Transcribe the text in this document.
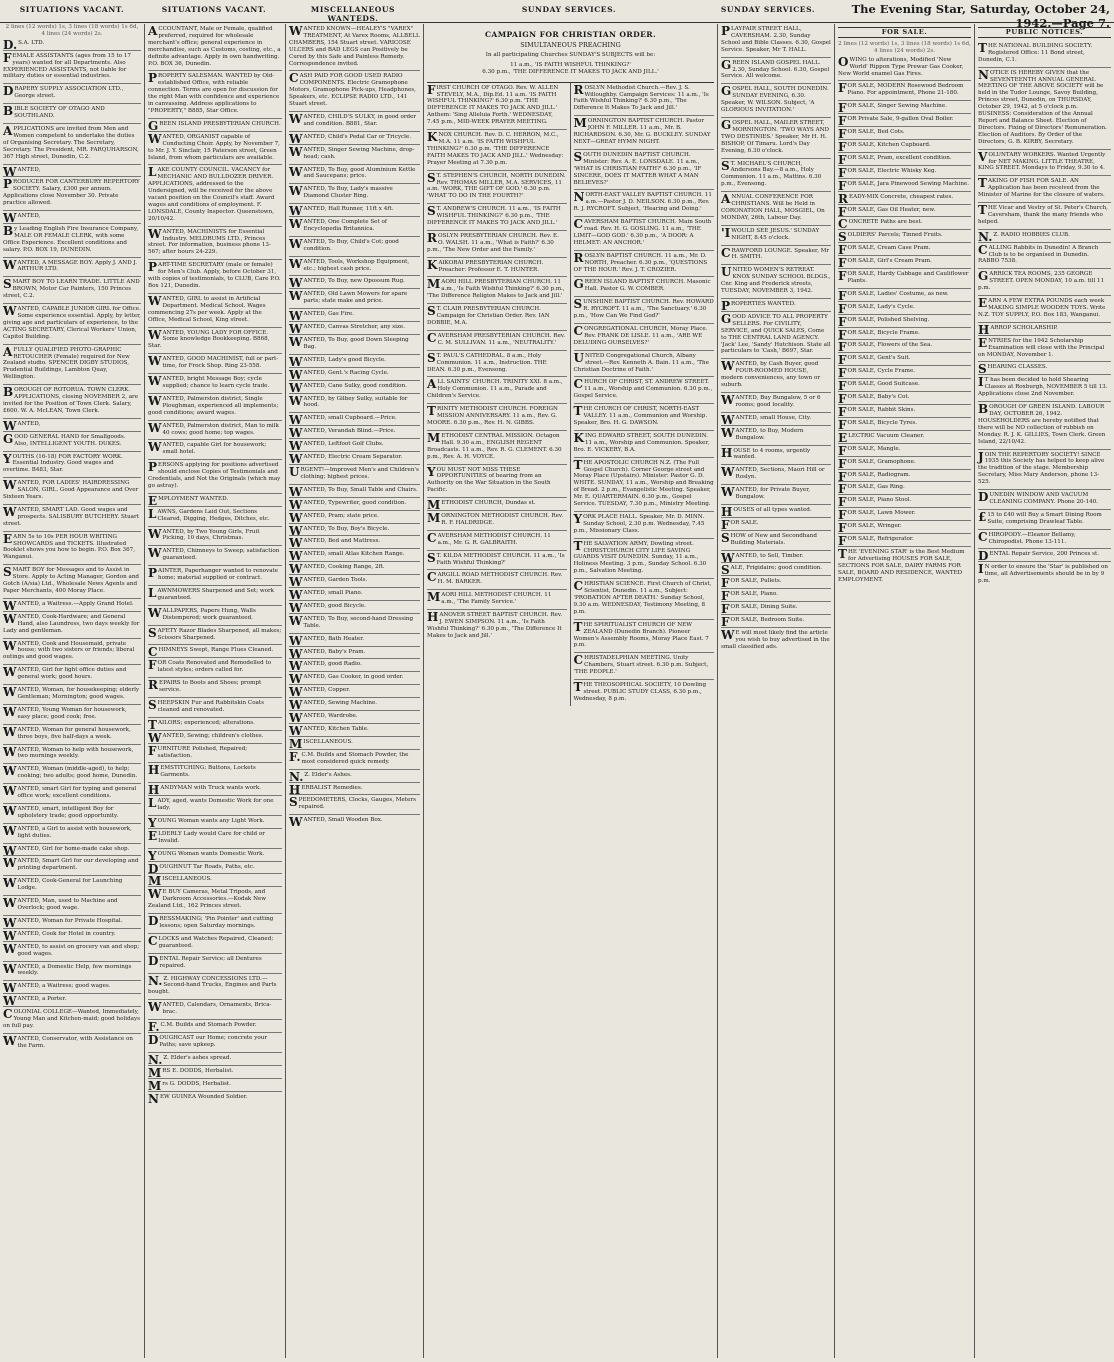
SITUATIONS VACANT.	SITUATIONS VACANT.	MISCELLANEOUS WANTEDS.
SUNDAY SERVICES.	SUNDAY SERVICES.	The Evening Star, Saturday, October 24, 1942.—Page 7.
2 lines (12 words) 1s, 3 lines (18 words) 1s 6d, 4 lines (24 words) 2s.
D.S.A. LTD.
FEMALE ASSISTANTS (ages from 15 to 17 years) wanted for all Departments. Also EXPERIENCED ASSISTANTS, not liable for military duties or essential industries.
DRAPERY SUPPLY ASSOCIATION LTD., George street.
BIBLE SOCIETY OF OTAGO AND SOUTHLAND.
APPLICATIONS are invited from Men and Women competent to undertake the duties of Organising Secretary. The Secretary, Secretary. The President, MR. FARQUHARSON, 367 High street, Dunedin, C.2.
WANTED,
PRODUCER FOR CANTERBURY REPERTORY SOCIETY. Salary, £300 per annum. Applications close November 30. Private practice allowed.
WANTED,
By Leading English Fire Insurance Company, MALE OR FEMALE CLERK, with some Office Experience. Excellent conditions and salary. P.O. BOX 19, DUNEDIN.
WANTED, A MESSAGE BOY. Apply J. AND J. ARTHUR LTD.
SMART BOY TO LEARN TRADE. LITTLE AND BROWN, Motor Car Painters, 150 Princes street, C.2.
WANTED, CAPABLE JUNIOR GIRL for Office. Some experience essential. Apply, by letter, giving age and particulars of experience, to the ACTING SECRETARY, Clerical Workers' Union, Capitol Building.
AFULLY QUALIFIED PHOTO-GRAPHIC RETOUCHER (Female) required for New Zealand studio. SPENCER DIGBY STUDIOS, Prudential Buildings, Lambton Quay, Wellington.
BOROUGH OF ROTORUA. TOWN CLERK. APPLICATIONS, closing NOVEMBER 2, are invited for the Position of Town Clerk. Salary, £600. W. A. McLEAN, Town Clerk.
WANTED,
GOOD GENERAL HAND for Smallgoods. Also, INTELLIGENT YOUTH. DUKES.
YOUTHS (16-18) FOR FACTORY WORK. Essential Industry. Good wages and overtime. B483, Star.
WANTED, FOR LADIES' HAIRDRESSING SALON, GIRL. Good Appearance and Over Sixteen Years.
WANTED, SMART LAD. Good wages and prospects. SALISBURY BUTCHERY. Stuart street.
EARN 5s to 10s PER HOUR WRITING SHOWCARDS and TICKETS. Illustrated Booklet shows you how to begin. P.O. Box 367, Wanganui.
SMART BOY for Messages and to Assist in Store. Apply to Acting Manager, Gordon and Gotch (A/sia) Ltd., Wholesale News Agents and Paper Merchants, 400 Moray Place.
WANTED, a Waitress.—Apply Grand Hotel.
WANTED, Cook-Hardware; and General Hand, also Laundress, two days weekly for Lady and gentleman.
WANTED, Cook and Housemaid, private house; with two sisters or friends; liberal outings and good wages.
WANTED, Girl for light office duties and general work; good hours.
WANTED, Woman, for housekeeping; elderly Gentleman; Mornington; good wages.
WANTED, Young Woman for housework, easy place; good cook; free.
WANTED, Woman for general housework, three boys, five half-days a week.
WANTED, Woman to help with housework, two mornings weekly.
WANTED, Woman (middle-aged), to help; cooking; two adults; good home, Dunedin.
WANTED, smart Girl for typing and general office work; excellent conditions.
WANTED, smart, intelligent Boy for upholstery trade; good opportunity.
WANTED, a Girl to assist with housework, light duties.
WANTED, Girl for home-made cake shop.
WANTED, Smart Girl for our developing and printing department.
WANTED, Cook-General for Launching Lodge.
WANTED, Man, used to Machine and Overlock; good wage.
WANTED, Woman for Private Hospital.
WANTED, Cook for Hotel in country.
WANTED, to assist on grocery van and shop; good wages.
WANTED, a Domestic Help, few mornings weekly.
WANTED, a Waitress; good wages.
WANTED, a Porter.
COLONIAL COLLEGE—Wanted, Immediately, Young Man and Kitchen-maid; good holidays on full pay.
WANTED, Conservator, with Assistance on the Farm.
ACCOUNTANT, Male or Female, qualified preferred, required for wholesale merchant's office; general experience in merchandise, such as Customs, costing, etc., a definite advantage. Apply in own handwriting. P.O. BOX 36, Dunedin.
PROPERTY SALESMAN. WANTED by Old-established Office, with reliable connection. Terms are open for discussion for the right Man with confidence and experience in canvassing. Address applications to "PROPERTY," B885, Star Office.
GREEN ISLAND PRESBYTERIAN CHURCH.
WANTED, ORGANIST capable of Conducting Choir. Apply, by November 7, to Mr. J. Y. Sinclair, 15 Paterson street, Green Island, from whom particulars are available.
LAKE COUNTY COUNCIL. VACANCY for MECHANIC AND BULLDOZER DRIVER. APPLICATIONS, addressed to the Undersigned, will be received for the above vacant position on the Council's staff. Award wages and conditions of employment. F. LONSDALE, County Inspector. Queenstown, 20/10/42.
WANTED, MACHINISTS for Essential Industry. MELDRUMS LTD., Princes street. For information, business phone 13-567; after hours 24-229.
PART-TIME SECRETARY (male or female) for Men's Club. Apply, before October 31, with copies of testimonials, to CLUB, Care P.O. Box 121, Dunedin.
WANTED, GIRL to assist in Artificial Department. Medical School. Wages commencing 27s per week. Apply at the Office, Medical School, King street.
WANTED, YOUNG LADY FOR OFFICE. Some knowledge Bookkeeping. B868, Star.
WANTED, GOOD MACHINIST, full or part-time, for Frock Shop. Ring 23-558.
WANTED, bright Message Boy; cycle supplied; chance to learn cycle trade.
WANTED, Palmerston district, Single Ploughman, experienced all implements; good conditions; award wages.
WANTED, Palmerston district, Man to milk 40 cows; good home; top wages.
WANTED, capable Girl for housework; small hotel.
PERSONS applying for positions advertised should enclose Copies of Testimonials and Credentials, and Not the Originals (which may go astray).
EMPLOYMENT WANTED.
LAWNS, Gardens Laid Out, Sections Cleared, Digging, Hedges, Ditches, etc.
WANTED, by Two Young Girls, Fruit Picking, 10 days, Christmas.
WANTED, Chimneys to Sweep; satisfaction guaranteed.
PAINTER, Paperhanger wanted to renovate home; material supplied or contract.
LAWNMOWERS Sharpened and Set; work guaranteed.
WALLPAPERS, Papers Hung, Walls Distempered; work guaranteed.
SAFETY Razor Blades Sharpened, all makes; Scissors Sharpened.
CHIMNEYS Swept, Range Flues Cleaned.
FOR Coats Renovated and Remodelled to latest styles; orders called for.
REPAIRS to Boots and Shoes; prompt service.
SHEEPSKIN Fur and Rabbitskin Coats cleaned and renovated.
TAILORS; experienced; alterations.
WANTED, Sewing; children's clothes.
FURNITURE Polished, Repaired; satisfaction.
HEMSTITCHING; Buttons, Lockets Garments.
HANDYMAN with Truck wants work.
LADY, aged, wants Domestic Work for one lady.
YOUNG Woman wants any Light Work.
ELDERLY Lady would Care for child or Invalid.
YOUNG Woman wants Domestic Work.
DOUGHNUT Tar Roads, Paths, etc.
MISCELLANEOUS.
WE BUY Cameras, Metal Tripods, and Darkroom Accessories.—Kodak New Zealand Ltd., 162 Princes street.
DRESSMAKING; 'Pin Pointer' and cutting lessons; open Saturday mornings.
CLOCKS and Watches Repaired, Cleaned; guaranteed.
DENTAL Repair Service; all Dentures repaired.
N.Z. HIGHWAY CONCESSIONS LTD.—Second-hand Trucks, Engines and Parts bought.
WANTED, Calendars, Ornaments, Brica-brac.
F.C.M. Builds and Stomach Powder.
DOUGHCAST our Home; concrete your Paths; save upkeep.
N.Z. Elder's ashes spread.
MRS E. DODDS, Herbalist.
Mrs G. DODDS, Herbalist.
NEW GUINEA Wounded Soldier.
WANTED KNOWN—HEALEY'S "VAREX" TREATMENT, At Varex Rooms, ALLBELL CHAMBERS, 154 Stuart street. VARICOSE ULCERS and BAD LEGS can Positively be Cured by this Safe and Painless Remedy. Correspondence invited.
CASH PAID FOR GOOD USED RADIO COMPONENTS. Electric Gramophone Motors, Gramophone Pick-ups, Headphones, Speakers, etc. ECLIPSE RADIO LTD., 141 Stuart street.
WANTED, CHILD'S SULKY, in good order and condition. B881, Star.
WANTED, Child's Pedal Car or Tricycle.
WANTED, Singer Sewing Machine, drop-head; cash.
WANTED, To Buy, good Aluminium Kettle and Saucepans; price.
WANTED, To Buy, Lady's massive Diamond Cluster Ring.
WANTED, Hall Runner, 11ft x 4ft.
WANTED, One Complete Set of Encyclopedia Britannica.
WANTED, To Buy, Child's Cot; good condition.
WANTED, Tools, Workshop Equipment, etc.; highest cash price.
WANTED, To Buy, new Opossum Rug.
WANTED, Old Lawn Mowers for spare parts; state make and price.
WANTED, Gas Fire.
WANTED, Canvas Stretcher, any size.
WANTED, To Buy, good Down Sleeping Bag.
WANTED, Lady's good Bicycle.
WANTED, Gent.'s Racing Cycle.
WANTED, Cane Sulky, good condition.
WANTED, by Gilbey Sulky, suitable for hood.
WANTED, small Cupboard.—Price.
WANTED, Verandah Blind.—Price.
WANTED, Leftfoot Golf Clubs.
WANTED, Electric Cream Separator.
URGENT!—Improved Men's and Children's clothing; highest prices.
WANTED, To Buy, Small Table and Chairs.
WANTED, Typewriter, good condition.
WANTED, Pram; state price.
WANTED, To Buy, Boy's Bicycle.
WANTED, Bed and Mattress.
WANTED, small Atlas Kitchen Range.
WANTED, Cooking Range, 2ft.
WANTED, Garden Tools.
WANTED, small Piano.
WANTED, good Bicycle.
WANTED, To Buy, second-hand Dressing Table.
WANTED, Bath Heater.
WANTED, Baby's Pram.
WANTED, good Radio.
WANTED, Gas Cooker, in good order.
WANTED, Copper.
WANTED, Sewing Machine.
WANTED, Wardrobe.
WANTED, Kitchen Table.
MISCELLANEOUS.
F.C.M. Builds and Stomach Powder, the most considered quick remedy.
N.Z. Elder's Ashes.
HERBALIST Remedies.
SPEEDOMETERS, Clocks, Gauges, Meters repaired.
WANTED, Small Wooden Box.
CAMPAIGN FOR CHRISTIAN ORDER.
SIMULTANEOUS PREACHING
In all participating Churches SUNDAY'S SUBJECTS will be:
11 a.m., 'IS FAITH WISHFUL THINKING?'
6.30 p.m., 'THE DIFFERENCE IT MAKES TO JACK AND JILL.'
FIRST CHURCH OF OTAGO. Rev. W. ALLEN STEVELY, M.A., Dip.Ed. 11 a.m. 'IS FAITH WISHFUL THINKING?' 6.30 p.m. 'THE DIFFERENCE IT MAKES TO JACK AND JILL.' Anthem: 'Sing Alleluia Forth.' WEDNESDAY, 7.45 p.m., MID-WEEK PRAYER MEETING.
KNOX CHURCH. Rev. D. C. HERRON, M.C., M.A. 11 a.m. 'IS FAITH WISHFUL THINKING?' 6.30 p.m. 'THE DIFFERENCE FAITH MAKES TO JACK AND JILL.' Wednesday: Prayer Meeting at 7.30 p.m.
ST. STEPHEN'S CHURCH, NORTH DUNEDIN. Rev. THOMAS MILLER, M.A. SERVICES, 11 a.m. 'WORK, THE GIFT OF GOD.' 6.30 p.m. 'WHAT TO DO IN THE FOURTH?'
ST. ANDREW'S CHURCH. 11 a.m., 'IS FAITH WISHFUL THINKING?' 6.30 p.m., 'THE DIFFERENCE IT MAKES TO JACK AND JILL.'
ROSLYN PRESBYTERIAN CHURCH. Rev. E. O. WALSH. 11 a.m., 'What is Faith?' 6.30 p.m., 'The New Order and the Family.'
KAIKORAI PRESBYTERIAN CHURCH. Preacher: Professor E. T. HUNTER.
MAORI HILL PRESBYTERIAN CHURCH. 11 a.m., 'Is Faith Wishful Thinking?' 6.30 p.m., 'The Difference Religion Makes to Jack and Jill.'
ST. CLAIR PRESBYTERIAN CHURCH. Campaign for Christian Order. Rev. IAN DOBBIE, M.A.
CAVERSHAM PRESBYTERIAN CHURCH. Rev. C. M. SULLIVAN. 11 a.m., 'NEUTRALITY.'
ST. PAUL'S CATHEDRAL. 8 a.m., Holy Communion. 11 a.m., Instruction. THE DEAN. 6.30 p.m., Evensong.
ALL SAINTS' CHURCH. TRINITY XXI. 8 a.m., Holy Communion. 11 a.m., Parade and Children's Service.
TRINITY METHODIST CHURCH. FOREIGN MISSION ANNIVERSARY. 11 a.m., Rev. G. MOORE. 6.30 p.m., Rev. H. N. GIBBS.
METHODIST CENTRAL MISSION. Octagon Hall. 9.30 a.m., ENGLISH REGENT Broadcasts. 11 a.m., Rev. R. G. CLEMENT. 6.30 p.m., Rev. A. H. VOYCE.
YOU MUST NOT MISS THESE OPPORTUNITIES of hearing from an Authority on the War Situation in the South Pacific.
METHODIST CHURCH, Dundas st.
MORNINGTON METHODIST CHURCH. Rev. R. F. HALDRIDGE.
CAVERSHAM METHODIST CHURCH. 11 a.m., Mr. G. R. GALBRAITH.
ST. KILDA METHODIST CHURCH. 11 a.m., 'Is Faith Wishful Thinking?'
CARGILL ROAD METHODIST CHURCH. Rev. H. M. BARKER.
MAORI HILL METHODIST CHURCH. 11 a.m., 'The Family Service.'
HANOVER STREET BAPTIST CHURCH. Rev. J. EWEN SIMPSON. 11 a.m., 'Is Faith Wishful Thinking?' 6.30 p.m., 'The Difference It Makes to Jack and Jill.'
ROSLYN Methodist Church.—Rev. J. S. Willoughby. Campaign Services: 11 a.m., 'Is Faith Wishful Thinking?' 6.30 p.m., 'The Difference It Makes To Jack and Jill.'
MORNINGTON BAPTIST CHURCH. Pastor JOHN F. MILLER. 11 a.m., Mr. B. RICHARDSON. 6.30, Mr. G. BUCKLEY. SUNDAY NEXT—GREAT HYMN NIGHT.
SOUTH DUNEDIN BAPTIST CHURCH. Minister: Rev. A. E. LONSDALE. 11 a.m., 'WHAT IS CHRISTIAN FAITH?' 6.30 p.m., 'IF SINCERE, DOES IT MATTER WHAT A MAN BELIEVES?'
NORTH-EAST VALLEY BAPTIST CHURCH. 11 a.m.—Pastor J. D. NEILSON. 6.30 p.m., Rev. R. J. RYCROFT. Subject, 'Hearing and Doing.'
CAVERSHAM BAPTIST CHURCH. Main South road. Rev. H. G. GOSLING. 11 a.m., 'THE LIMIT—GOD GOD.' 6.30 p.m., 'A DOOR: A HELMET: AN ANCHOR.'
ROSLYN BAPTIST CHURCH. 11 a.m., Mr. D. NORTH, Preacher. 6.30 p.m., 'QUESTIONS OF THE HOUR.' Rev. J. T. CROZIER.
GREEN ISLAND BAPTIST CHURCH. Masonic Hall. Pastor G. W. COMBER.
SUNSHINE BAPTIST CHURCH. Rev. HOWARD R. RYCROFT. 11 a.m., 'The Sanctuary.' 6.30 p.m., 'How Can We Find God?'
CONGREGATIONAL CHURCH, Moray Place. Rev. FRANK DE LISLE. 11 a.m., 'ARE WE DELUDING OURSELVES?'
UNITED Congregational Church, Albany street.—Rev. Kenneth A. Bain. 11 a.m., 'The Christian Doctrine of Faith.'
CHURCH OF CHRIST, ST. ANDREW STREET. 11 a.m., Worship and Communion. 6.30 p.m., Gospel Service.
THE CHURCH OF CHRIST, NORTH-EAST VALLEY. 11 a.m., Communion and Worship. Speaker, Bro. H. G. DAWSON.
KING EDWARD STREET, SOUTH DUNEDIN. 11 a.m., Worship and Communion. Speaker, Bro. E. VICKERY, B.A.
THE APOSTOLIC CHURCH N.Z. (The Full Gospel Church). Corner George street and Moray Place (Upstairs). Minister: Pastor G. D. WHITE. SUNDAY, 11 a.m., Worship and Breaking of Bread. 2 p.m., Evangelistic Meeting. Speaker, Mr. E. QUARTERMAIN. 6.30 p.m., Gospel Service. TUESDAY, 7.30 p.m., Ministry Meeting.
YORK PLACE HALL. Speaker, Mr. D. MINN. Sunday School, 2.30 p.m. Wednesday, 7.45 p.m., Missionary Class.
THE SALVATION ARMY, Dowling street. CHRISTCHURCH CITY LIFE SAVING GUARDS VISIT DUNEDIN. Sunday, 11 a.m., Holiness Meeting. 3 p.m., Sunday School. 6.30 p.m., Salvation Meeting.
CHRISTIAN SCIENCE. First Church of Christ, Scientist, Dunedin. 11 a.m., Subject: 'PROBATION AFTER DEATH.' Sunday School, 9.30 a.m. WEDNESDAY, Testimony Meeting, 8 p.m.
THE SPIRITUALIST CHURCH OF NEW ZEALAND (Dunedin Branch). Pioneer Women's Assembly Rooms, Moray Place East. 7 p.m.
CHRISTADELPHIAN MEETING. Unity Chambers, Stuart street. 6.30 p.m. Subject, 'THE PEOPLE.'
THE THEOSOPHICAL SOCIETY, 10 Dowling street. PUBLIC STUDY CLASS, 6.30 p.m., Wednesday, 8 p.m.
PLAYFAIR STREET HALL, CAVERSHAM. 2.30, Sunday School and Bible Classes. 6.30, Gospel Service. Speaker, Mr T. HALL.
GREEN ISLAND GOSPEL HALL. 2.30, Sunday School. 6.30, Gospel Service. All welcome.
GOSPEL HALL, SOUTH DUNEDIN. SUNDAY EVENING, 6.30. Speaker, W. WILSON. Subject, 'A GLORIOUS INVITATION.'
GOSPEL HALL, MAILER STREET, MORNINGTON. 'TWO WAYS AND TWO DESTINIES.' Speaker, Mr H. H. BISHOP, Of Timaru. Lord's Day Evening, 6.30 o'clock.
ST. MICHAEL'S CHURCH, Andersons Bay.—8 a.m., Holy Communion. 11 a.m., Mattins. 6.30 p.m., Evensong.
ANNUAL CONFERENCE FOR CHRISTIANS. Will be Held in CORONATION HALL, MOSGIEL, On MONDAY, 26th, Labour Day.
'IWOULD SEE JESUS.' SUNDAY NIGHT, 8.45 o'clock.
CRAWFORD LOUNGE. Speaker, Mr H. SMITH.
UNITED WOMEN'S RETREAT. KNOX SUNDAY SCHOOL BLDGS., Cnr. King and Frederick streets, TUESDAY, NOVEMBER 3, 1942.
PROPERTIES WANTED.
GOOD ADVICE TO ALL PROPERTY SELLERS. For CIVILITY, SERVICE, and QUICK SALES, Come to THE CENTRAL LAND AGENCY. 'Jack' Lee, 'Sandy' Hutchison. State all particulars to 'Cash,' B697, Star.
WANTED, by Cash Buyer, good FOUR-ROOMED HOUSE, modern conveniences, any town or suburb.
WANTED, Buy Bungalow, 5 or 6 rooms; good locality.
WANTED, small House, City.
WANTED, to Buy, Modern Bungalow.
HOUSE to 4 rooms, urgently wanted.
WANTED, Sections, Maori Hill or Roslyn.
WANTED, for Private Buyer, Bungalow.
HOUSES of all types wanted.
FOR SALE.
SHOW of New and Secondhand Building Materials.
WANTED, to Sell, Timber.
SALE, Frigidaire; good condition.
FOR SALE, Pullets.
FOR SALE, Piano.
FOR SALE, Dining Suite.
FOR SALE, Bedroom Suite.
WE will most likely find the article you wish to buy advertised in the small classified ads.
FOR SALE.
2 lines (12 words) 1s, 3 lines (18 words) 1s 6d, 4 lines (24 words) 2s.
OWING to alterations, Modified 'New World' Rippon Type Prewar Gas Cooker, New World enamel Gas Fires.
FOR SALE, MODERN Rosewood Bedroom Piano. For appointment, Phone 21-180.
FOR SALE, Singer Sewing Machine.
FOR Private Sale, 9-gallon Oval Boiler.
FOR SALE, Bed Cots.
FOR SALE, Kitchen Cupboard.
FOR SALE, Pram, excellent condition.
FOR SALE, Electric Whisky Keg.
FOR SALE, Jara Pinewood Sewing Machine.
READY-MIX Concrete, cheapest rates.
FOR SALE, Gas Oil Heater, new.
CONCRETE Paths are best.
SOLDIERS' Parcels; Tinned Fruits.
FOR SALE, Cream Case Pram.
FOR SALE, Girl's Cream Pram.
FOR SALE, Hardy Cabbage and Cauliflower Plants.
FOR SALE, Ladies' Costume, as new.
FOR SALE, Lady's Cycle.
FOR SALE, Polished Shelving.
FOR SALE, Bicycle Frame.
FOR SALE, Flowers of the Sea.
FOR SALE, Gent's Suit.
FOR SALE, Cycle Frame.
FOR SALE, Good Suitcase.
FOR SALE, Baby's Cot.
FOR SALE, Rabbit Skins.
FOR SALE, Bicycle Tyres.
ELECTRIC Vacuum Cleaner.
FOR SALE, Mangle.
FOR SALE, Gramophone.
FOR SALE, Radiogram.
FOR SALE, Gas Ring.
FOR SALE, Piano Stool.
FOR SALE, Lawn Mower.
FOR SALE, Wringer.
FOR SALE, Refrigerator.
THE 'EVENING STAR' is the Best Medium for Advertising HOUSES FOR SALE, SECTIONS FOR SALE, DAIRY FARMS FOR SALE, BOARD AND RESIDENCE, WANTED EMPLOYMENT.
PUBLIC NOTICES.
THE NATIONAL BUILDING SOCIETY. Registered Office: 11 Bond street, Dunedin, C.1.
NOTICE IS HEREBY GIVEN that the SEVENTEENTH ANNUAL GENERAL MEETING OF THE ABOVE SOCIETY will be held in the Tudor Lounge, Savoy Building, Princes street, Dunedin, on THURSDAY, October 29, 1942, at 5 o'clock p.m. BUSINESS: Consideration of the Annual Report and Balance Sheet. Election of Directors. Fixing of Directors' Remuneration. Election of Auditors. By Order of the Directors, G. B. KIRBY, Secretary.
VOLUNTARY WORKERS. Wanted Urgently for NET MAKING. LITTLE THEATRE, KING STREET. Mondays to Friday, 9.30 to 4.
TAKING OF FISH FOR SALE. AN Application has been received from the Minister of Marine for the closure of waters.
THE Vicar and Vestry of St. Peter's Church, Caversham, thank the many friends who helped.
N.Z. RADIO HOBBIES CLUB.
CALLING Rabbits in Dunedin! A Branch Club is to be organised in Dunedin. RABBO 7538.
GARRICK TEA ROOMS, 235 GEORGE STREET. OPEN MONDAY, 10 a.m. till 11 p.m.
EARN A FEW EXTRA POUNDS each week MAKING SIMPLE WOODEN TOYS. Write N.Z. TOY SUPPLY, P.O. Box 183, Wanganui.
HARROP SCHOLARSHIP.
ENTRIES for the 1942 Scholarship Examination will close with the Principal on MONDAY, November 1.
SHEARING CLASSES.
IT has been decided to hold Shearing Classes at Roxburgh, NOVEMBER 5 till 13. Applications close 2nd November.
BOROUGH OF GREEN ISLAND. LABOUR DAY, OCTOBER 26, 1942. HOUSEHOLDERS are hereby notified that there will be NO collection of rubbish on Monday. R. J. K. GILLIES, Town Clerk. Green Island, 22/10/42.
JOIN THE REPERTORY SOCIETY! SINCE 1935 this Society has helped to keep alive the tradition of the stage. Membership Secretary, Miss Mary Anderson, phone 13-525.
DUNEDIN WINDOW AND VACUUM CLEANING COMPANY. Phone 20-140.
£15 to £40 will Buy a Smart Dining Room Suite, comprising Drawleaf Table.
CHIROPODY.—Eleanor Bellamy, Chiropodist. Phone 13-111.
DENTAL Repair Service, 200 Princes st.
IN order to ensure the 'Star' is published on time, all Advertisements should be in by 9 p.m.
